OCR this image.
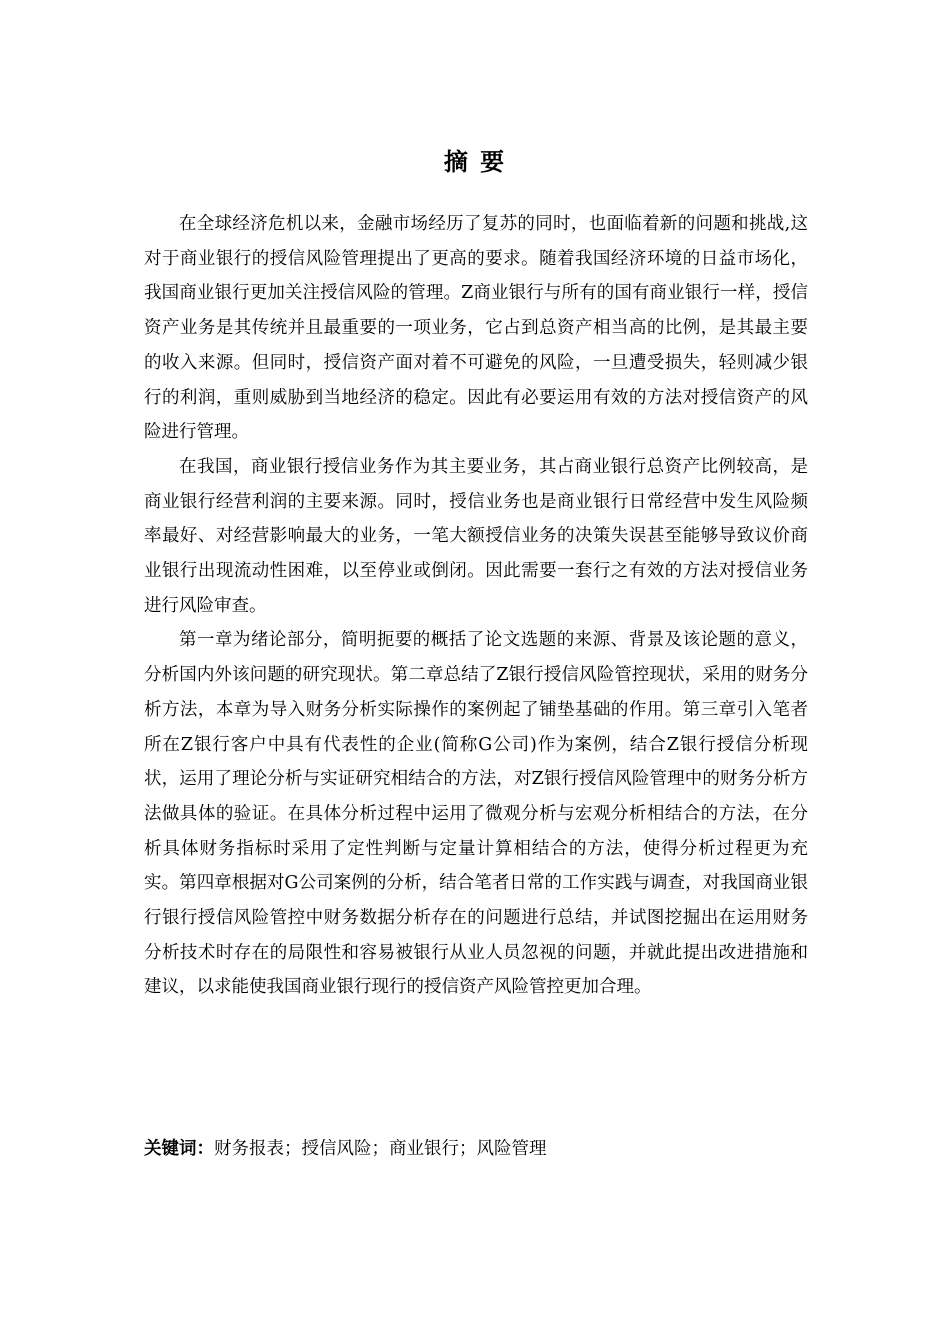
摘 要

在全球经济危机以来，金融市场经历了复苏的同时，也面临着新的问题和挑战,这对于商业银行的授信风险管理提出了更高的要求。随着我国经济环境的日益市场化，我国商业银行更加关注授信风险的管理。Z商业银行与所有的国有商业银行一样，授信资产业务是其传统并且最重要的一项业务，它占到总资产相当高的比例，是其最主要的收入来源。但同时，授信资产面对着不可避免的风险，一旦遭受损失，轻则减少银行的利润，重则威胁到当地经济的稳定。因此有必要运用有效的方法对授信资产的风险进行管理。

在我国，商业银行授信业务作为其主要业务，其占商业银行总资产比例较高，是商业银行经营利润的主要来源。同时，授信业务也是商业银行日常经营中发生风险频率最好、对经营影响最大的业务，一笔大额授信业务的决策失误甚至能够导致议价商业银行出现流动性困难，以至停业或倒闭。因此需要一套行之有效的方法对授信业务进行风险审查。

第一章为绪论部分，简明扼要的概括了论文选题的来源、背景及该论题的意义，分析国内外该问题的研究现状。第二章总结了Z银行授信风险管控现状，采用的财务分析方法，本章为导入财务分析实际操作的案例起了铺垫基础的作用。第三章引入笔者所在Z银行客户中具有代表性的企业(简称G公司)作为案例，结合Z银行授信分析现状，运用了理论分析与实证研究相结合的方法，对Z银行授信风险管理中的财务分析方法做具体的验证。在具体分析过程中运用了微观分析与宏观分析相结合的方法，在分析具体财务指标时采用了定性判断与定量计算相结合的方法，使得分析过程更为充实。第四章根据对G公司案例的分析，结合笔者日常的工作实践与调查，对我国商业银行银行授信风险管控中财务数据分析存在的问题进行总结，并试图挖掘出在运用财务分析技术时存在的局限性和容易被银行从业人员忽视的问题，并就此提出改进措施和建议，以求能使我国商业银行现行的授信资产风险管控更加合理。

关键词：财务报表；授信风险；商业银行；风险管理
